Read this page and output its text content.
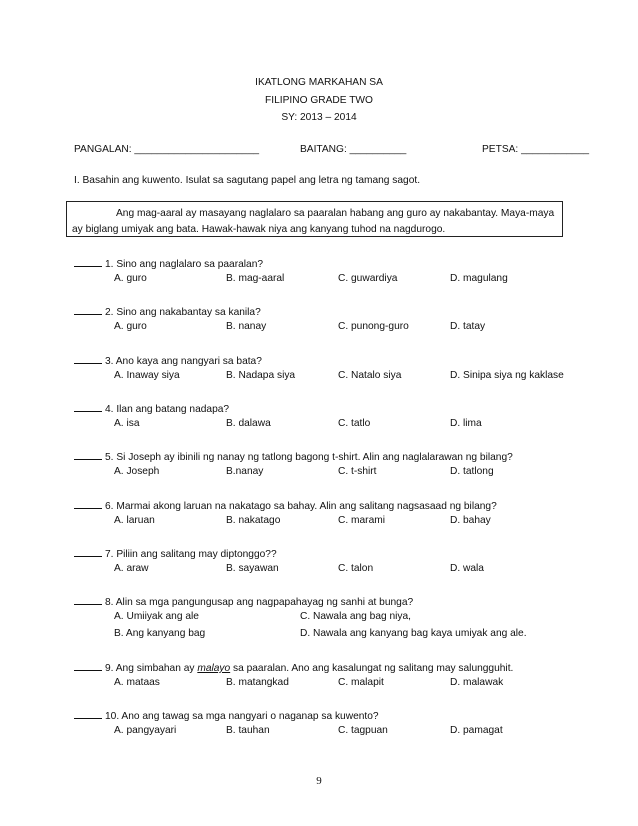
IKATLONG MARKAHAN SA
FILIPINO GRADE TWO
SY: 2013 – 2014
PANGALAN: ______________________	BAITANG: __________	PETSA: ____________
I. Basahin ang kuwento. Isulat sa sagutang papel ang letra ng tamang sagot.

Ang mag-aaral ay masayang naglalaro sa paaralan habang ang guro ay nakabantay. Maya-maya ay biglang umiyak ang bata. Hawak-hawak niya ang kanyang tuhod na nagdurogo.

1. Sino ang naglalaro sa paaralan?
A. guro	B. mag-aaral	C. guwardiya	D. magulang
2. Sino ang nakabantay sa kanila?
A. guro	B. nanay	C. punong-guro	D. tatay
3. Ano kaya ang nangyari sa bata?
A. Inaway siya	B. Nadapa siya	C. Natalo siya	D. Sinipa siya ng kaklase
4. Ilan ang batang nadapa?
A. isa	B. dalawa	C. tatlo	D. lima
5. Si Joseph ay ibinili ng nanay ng tatlong bagong t-shirt. Alin ang naglalarawan ng bilang?
A. Joseph	B.nanay	C. t-shirt	D. tatlong
6. Marmai akong laruan na nakatago sa bahay. Alin ang salitang nagsasaad ng bilang?
A. laruan	B. nakatago	C. marami	D. bahay
7. Piliin ang salitang may diptonggo??
A. araw	B. sayawan	C. talon	D. wala
8. Alin sa mga pangungusap ang nagpapahayag ng sanhi at bunga?
A. Umiiyak ang ale
B. Ang kanyang bag
C. Nawala ang bag niya,
D. Nawala ang kanyang bag kaya umiyak ang ale.
9. Ang simbahan ay malayo sa paaralan. Ano ang kasalungat ng salitang may salungguhit.
A. mataas	B. matangkad	C. malapit	D. malawak
10. Ano ang tawag sa mga nangyari o naganap sa kuwento?
A. pangyayari	B. tauhan	C. tagpuan	D. pamagat
9
